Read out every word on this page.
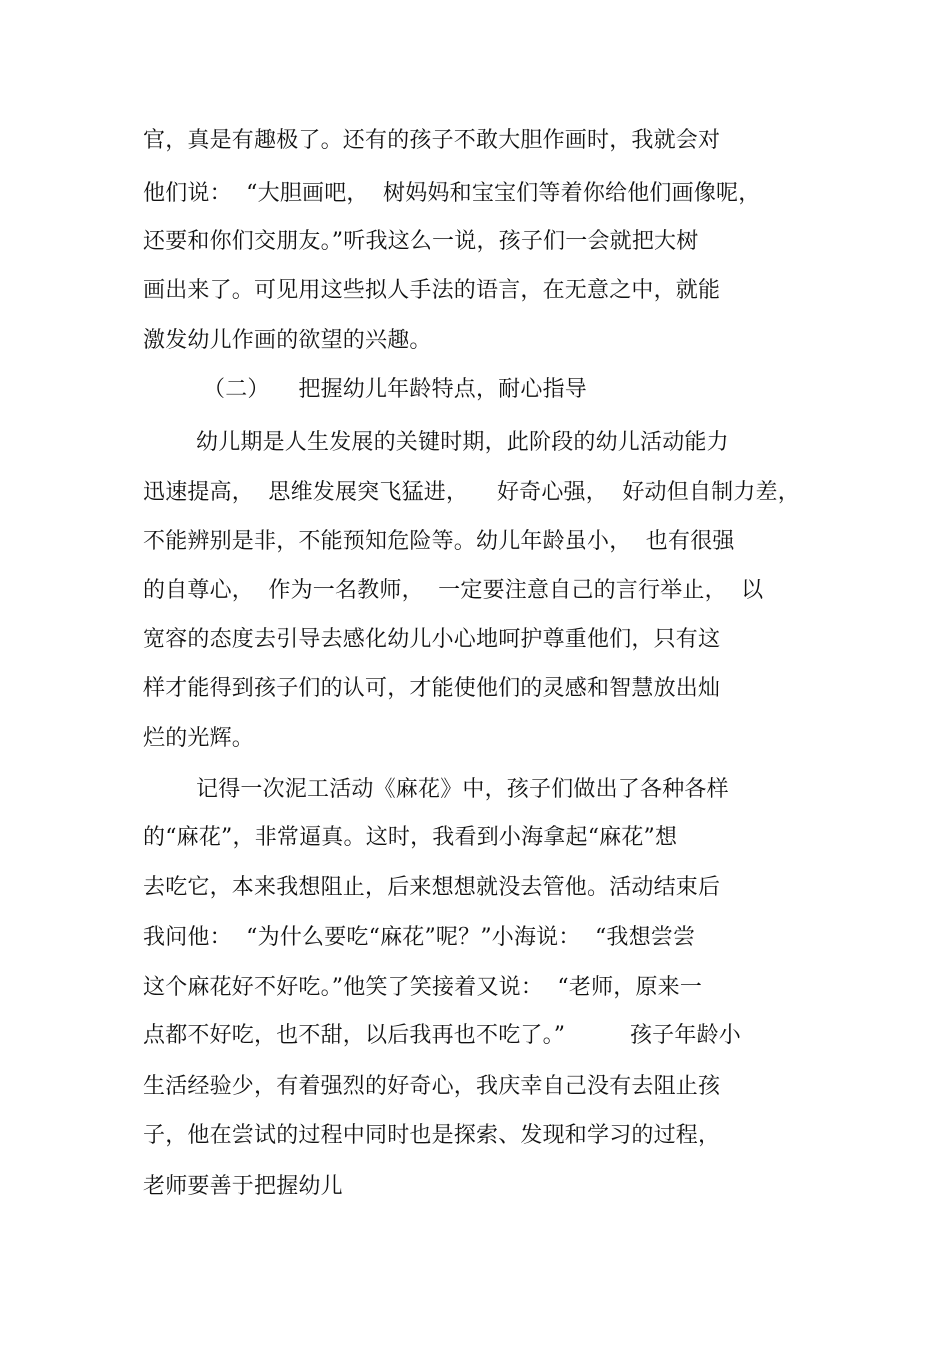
官，真是有趣极了。还有的孩子不敢大胆作画时，我就会对
他们说：  “大胆画吧，  树妈妈和宝宝们等着你给他们画像呢，
还要和你们交朋友。”听我这么一说，孩子们一会就把大树
画出来了。可见用这些拟人手法的语言，在无意之中，就能
激发幼儿作画的欲望的兴趣。
（二）    把握幼儿年龄特点，耐心指导
幼儿期是人生发展的关键时期，此阶段的幼儿活动能力
迅速提高，  思维发展突飞猛进，    好奇心强，  好动但自制力差，
不能辨别是非，不能预知危险等。幼儿年龄虽小，  也有很强
的自尊心，  作为一名教师，  一定要注意自己的言行举止，  以
宽容的态度去引导去感化幼儿小心地呵护尊重他们，只有这
样才能得到孩子们的认可，才能使他们的灵感和智慧放出灿
烂的光辉。
记得一次泥工活动《麻花》中，孩子们做出了各种各样
的“麻花”，非常逼真。这时，我看到小海拿起“麻花”想
去吃它，本来我想阻止，后来想想就没去管他。活动结束后
我问他：  “为什么要吃“麻花”呢？”小海说：  “我想尝尝
这个麻花好不好吃。”他笑了笑接着又说：  “老师，原来一
点都不好吃，也不甜，以后我再也不吃了。”         孩子年龄小
生活经验少，有着强烈的好奇心，我庆幸自己没有去阻止孩
子，他在尝试的过程中同时也是探索、发现和学习的过程，
老师要善于把握幼儿
